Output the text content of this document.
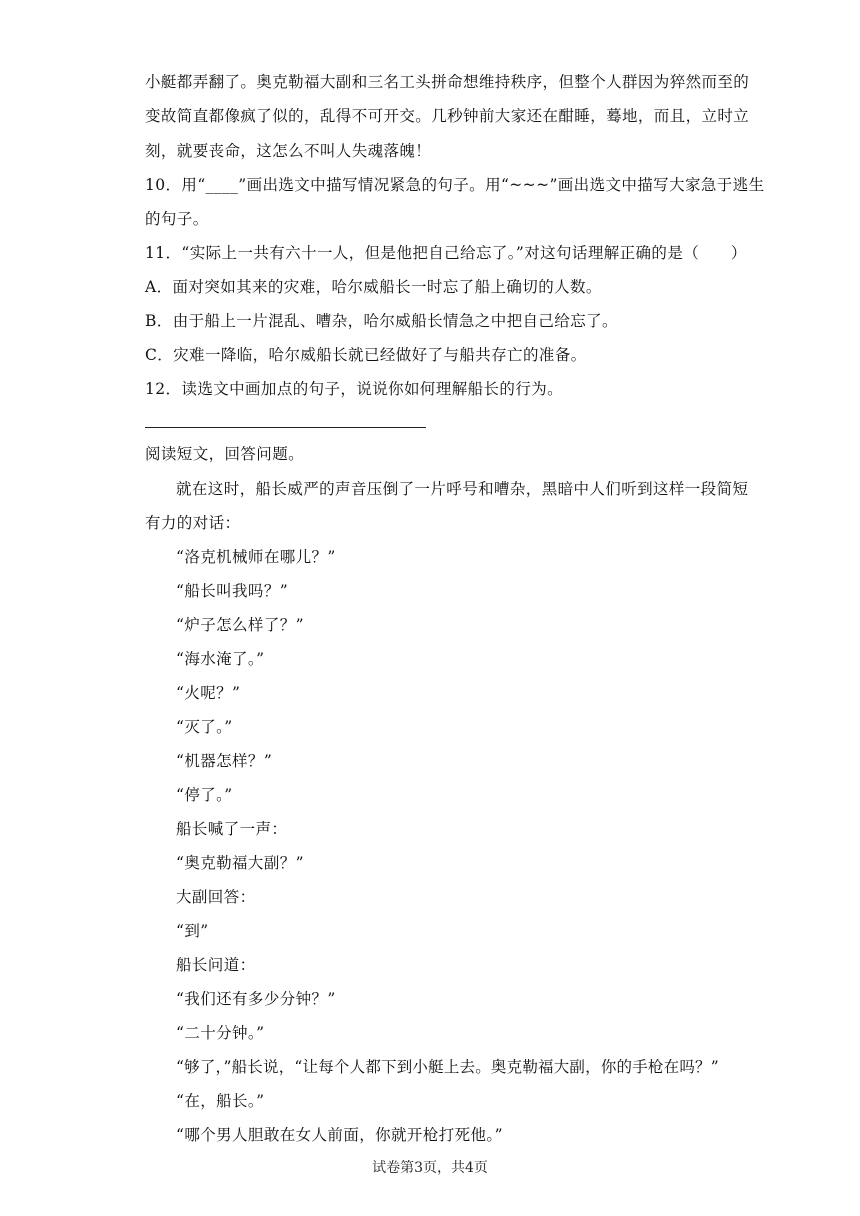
小艇都弄翻了。奥克勒福大副和三名工头拼命想维持秩序，但整个人群因为猝然而至的
变故简直都像疯了似的，乱得不可开交。几秒钟前大家还在酣睡，蓦地，而且，立时立
刻，就要丧命，这怎么不叫人失魂落魄！
10．用“____”画出选文中描写情况紧急的句子。用“~~~”画出选文中描写大家急于逃生
的句子。
11．“实际上一共有六十一人，但是他把自己给忘了。”对这句话理解正确的是（　　）
A．面对突如其来的灾难，哈尔威船长一时忘了船上确切的人数。
B．由于船上一片混乱、嘈杂，哈尔威船长情急之中把自己给忘了。
C．灾难一降临，哈尔威船长就已经做好了与船共存亡的准备。
12．读选文中画加点的句子，说说你如何理解船长的行为。
阅读短文，回答问题。
就在这时，船长威严的声音压倒了一片呼号和嘈杂，黑暗中人们听到这样一段简短
有力的对话：
“洛克机械师在哪儿？”
“船长叫我吗？”
“炉子怎么样了？”
“海水淹了。”
“火呢？”
“灭了。”
“机器怎样？”
“停了。”
船长喊了一声：
“奥克勒福大副？”
大副回答：
“到”
船长问道：
“我们还有多少分钟？”
“二十分钟。”
“够了，”船长说，“让每个人都下到小艇上去。奥克勒福大副，你的手枪在吗？”
“在，船长。”
“哪个男人胆敢在女人前面，你就开枪打死他。”
试卷第3页，共4页
